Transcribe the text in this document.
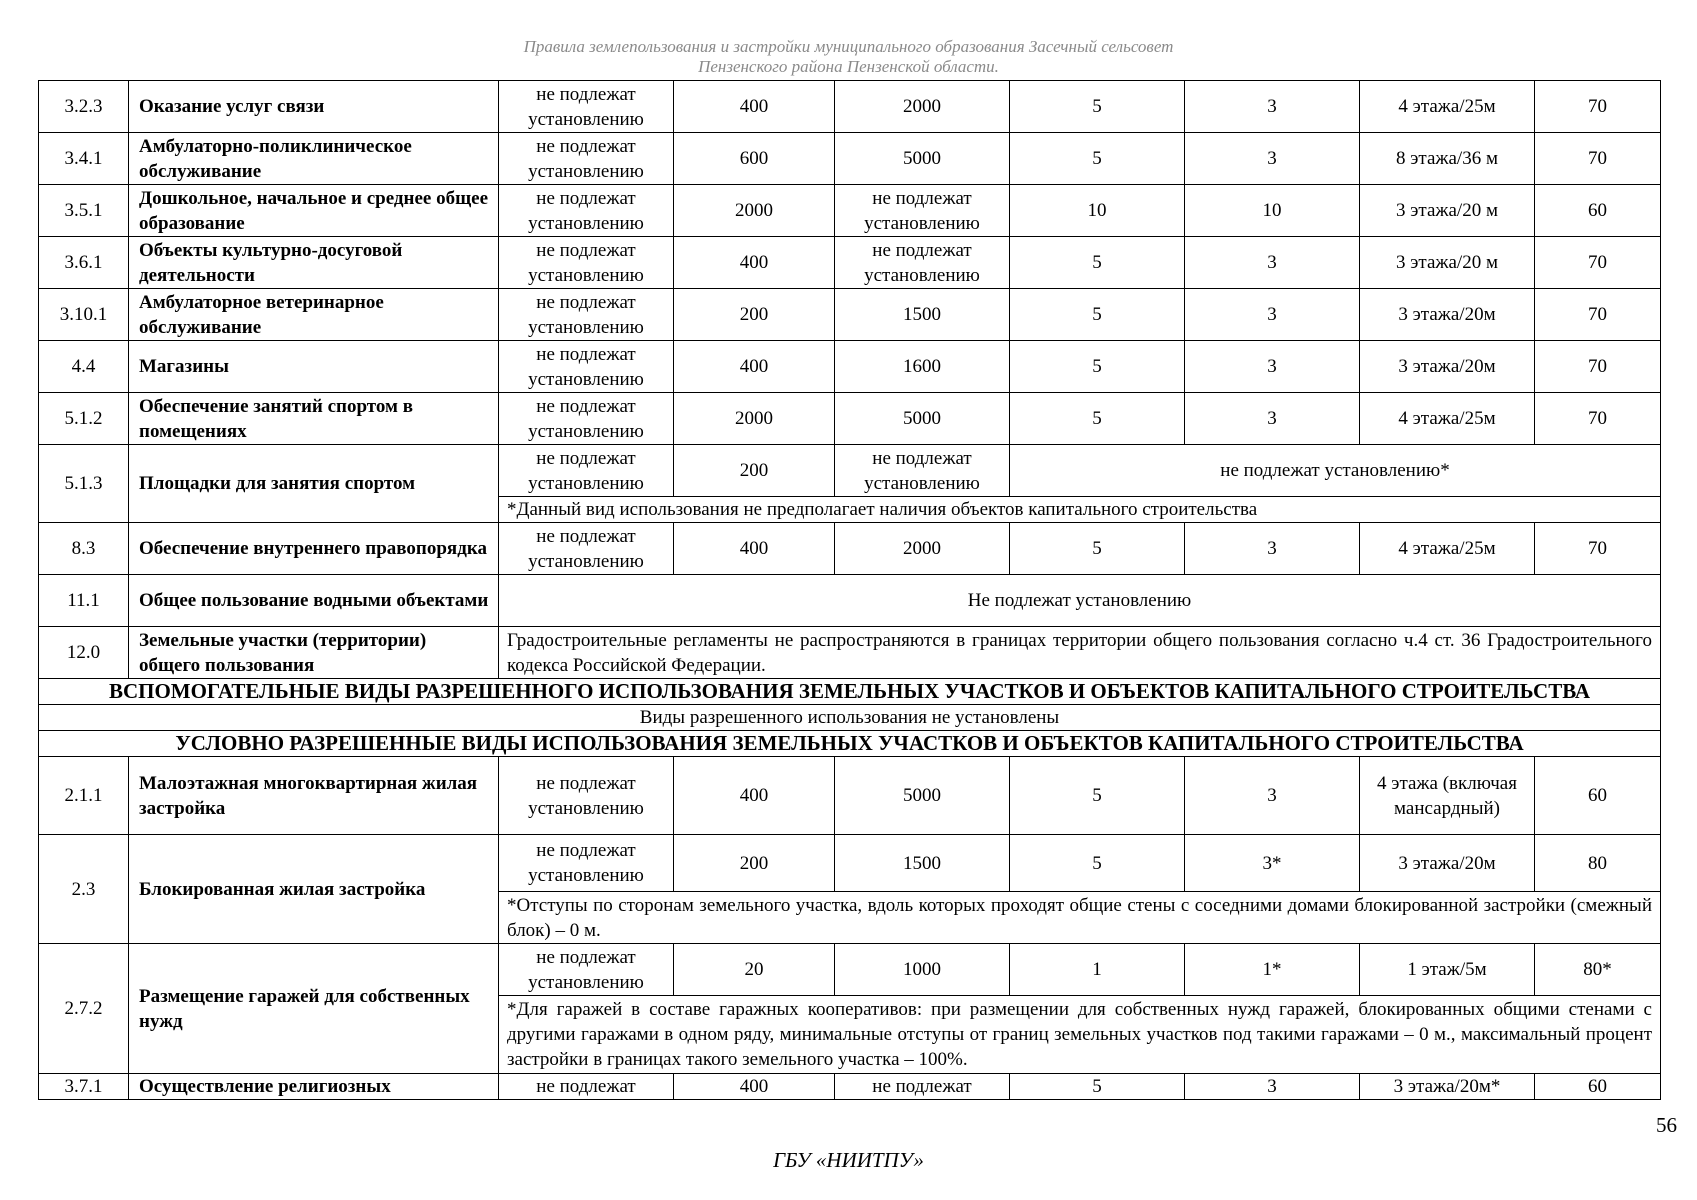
Правила землепользования и застройки муниципального образования Засечный сельсовет
Пензенского района Пензенской области.
3.2.3	Оказание услуг связи	не подлежат установлению	400	2000	5	3	4 этажа/25м	70
3.4.1	Амбулаторно-поликлиническое обслуживание	не подлежат установлению	600	5000	5	3	8 этажа/36 м	70
3.5.1	Дошкольное, начальное и среднее общее образование	не подлежат установлению	2000	не подлежат установлению	10	10	3 этажа/20 м	60
3.6.1	Объекты культурно-досуговой деятельности	не подлежат установлению	400	не подлежат установлению	5	3	3 этажа/20 м	70
3.10.1	Амбулаторное ветеринарное обслуживание	не подлежат установлению	200	1500	5	3	3 этажа/20м	70
4.4	Магазины	не подлежат установлению	400	1600	5	3	3 этажа/20м	70
5.1.2	Обеспечение занятий спортом в помещениях	не подлежат установлению	2000	5000	5	3	4 этажа/25м	70
5.1.3	Площадки для занятия спортом	не подлежат установлению	200	не подлежат установлению	не подлежат установлению*			
		*Данный вид использования не предполагает наличия объектов капитального строительства						
8.3	Обеспечение внутреннего правопорядка	не подлежат установлению	400	2000	5	3	4 этажа/25м	70
11.1	Общее пользование водными объектами	Не подлежат установлению						
12.0	Земельные участки (территории) общего пользования	Градостроительные регламенты не распространяются в границах территории общего пользования согласно ч.4 ст. 36 Градостроительного кодекса Российской Федерации.						
ВСПОМОГАТЕЛЬНЫЕ ВИДЫ РАЗРЕШЕННОГО ИСПОЛЬЗОВАНИЯ ЗЕМЕЛЬНЫХ УЧАСТКОВ И ОБЪЕКТОВ КАПИТАЛЬНОГО СТРОИТЕЛЬСТВА								
Виды разрешенного использования не установлены								
УСЛОВНО РАЗРЕШЕННЫЕ ВИДЫ ИСПОЛЬЗОВАНИЯ ЗЕМЕЛЬНЫХ УЧАСТКОВ И ОБЪЕКТОВ КАПИТАЛЬНОГО СТРОИТЕЛЬСТВА								
2.1.1	Малоэтажная многоквартирная жилая застройка	не подлежат установлению	400	5000	5	3	4 этажа (включая мансардный)	60
2.3	Блокированная жилая застройка	не подлежат установлению	200	1500	5	3*	3 этажа/20м	80
		*Отступы по сторонам земельного участка, вдоль которых проходят общие стены с соседними домами блокированной застройки (смежный блок) – 0 м.						
2.7.2	Размещение гаражей для собственных нужд	не подлежат установлению	20	1000	1	1*	1 этаж/5м	80*
		*Для гаражей в составе гаражных кооперативов: при размещении для собственных нужд гаражей, блокированных общими стенами с другими гаражами в одном ряду, минимальные отступы от границ земельных участков под такими гаражами – 0 м., максимальный процент застройки в границах такого земельного участка – 100%.						
3.7.1	Осуществление религиозных	не подлежат	400	не подлежат	5	3	3 этажа/20м*	60
56
ГБУ «НИИТПУ»
